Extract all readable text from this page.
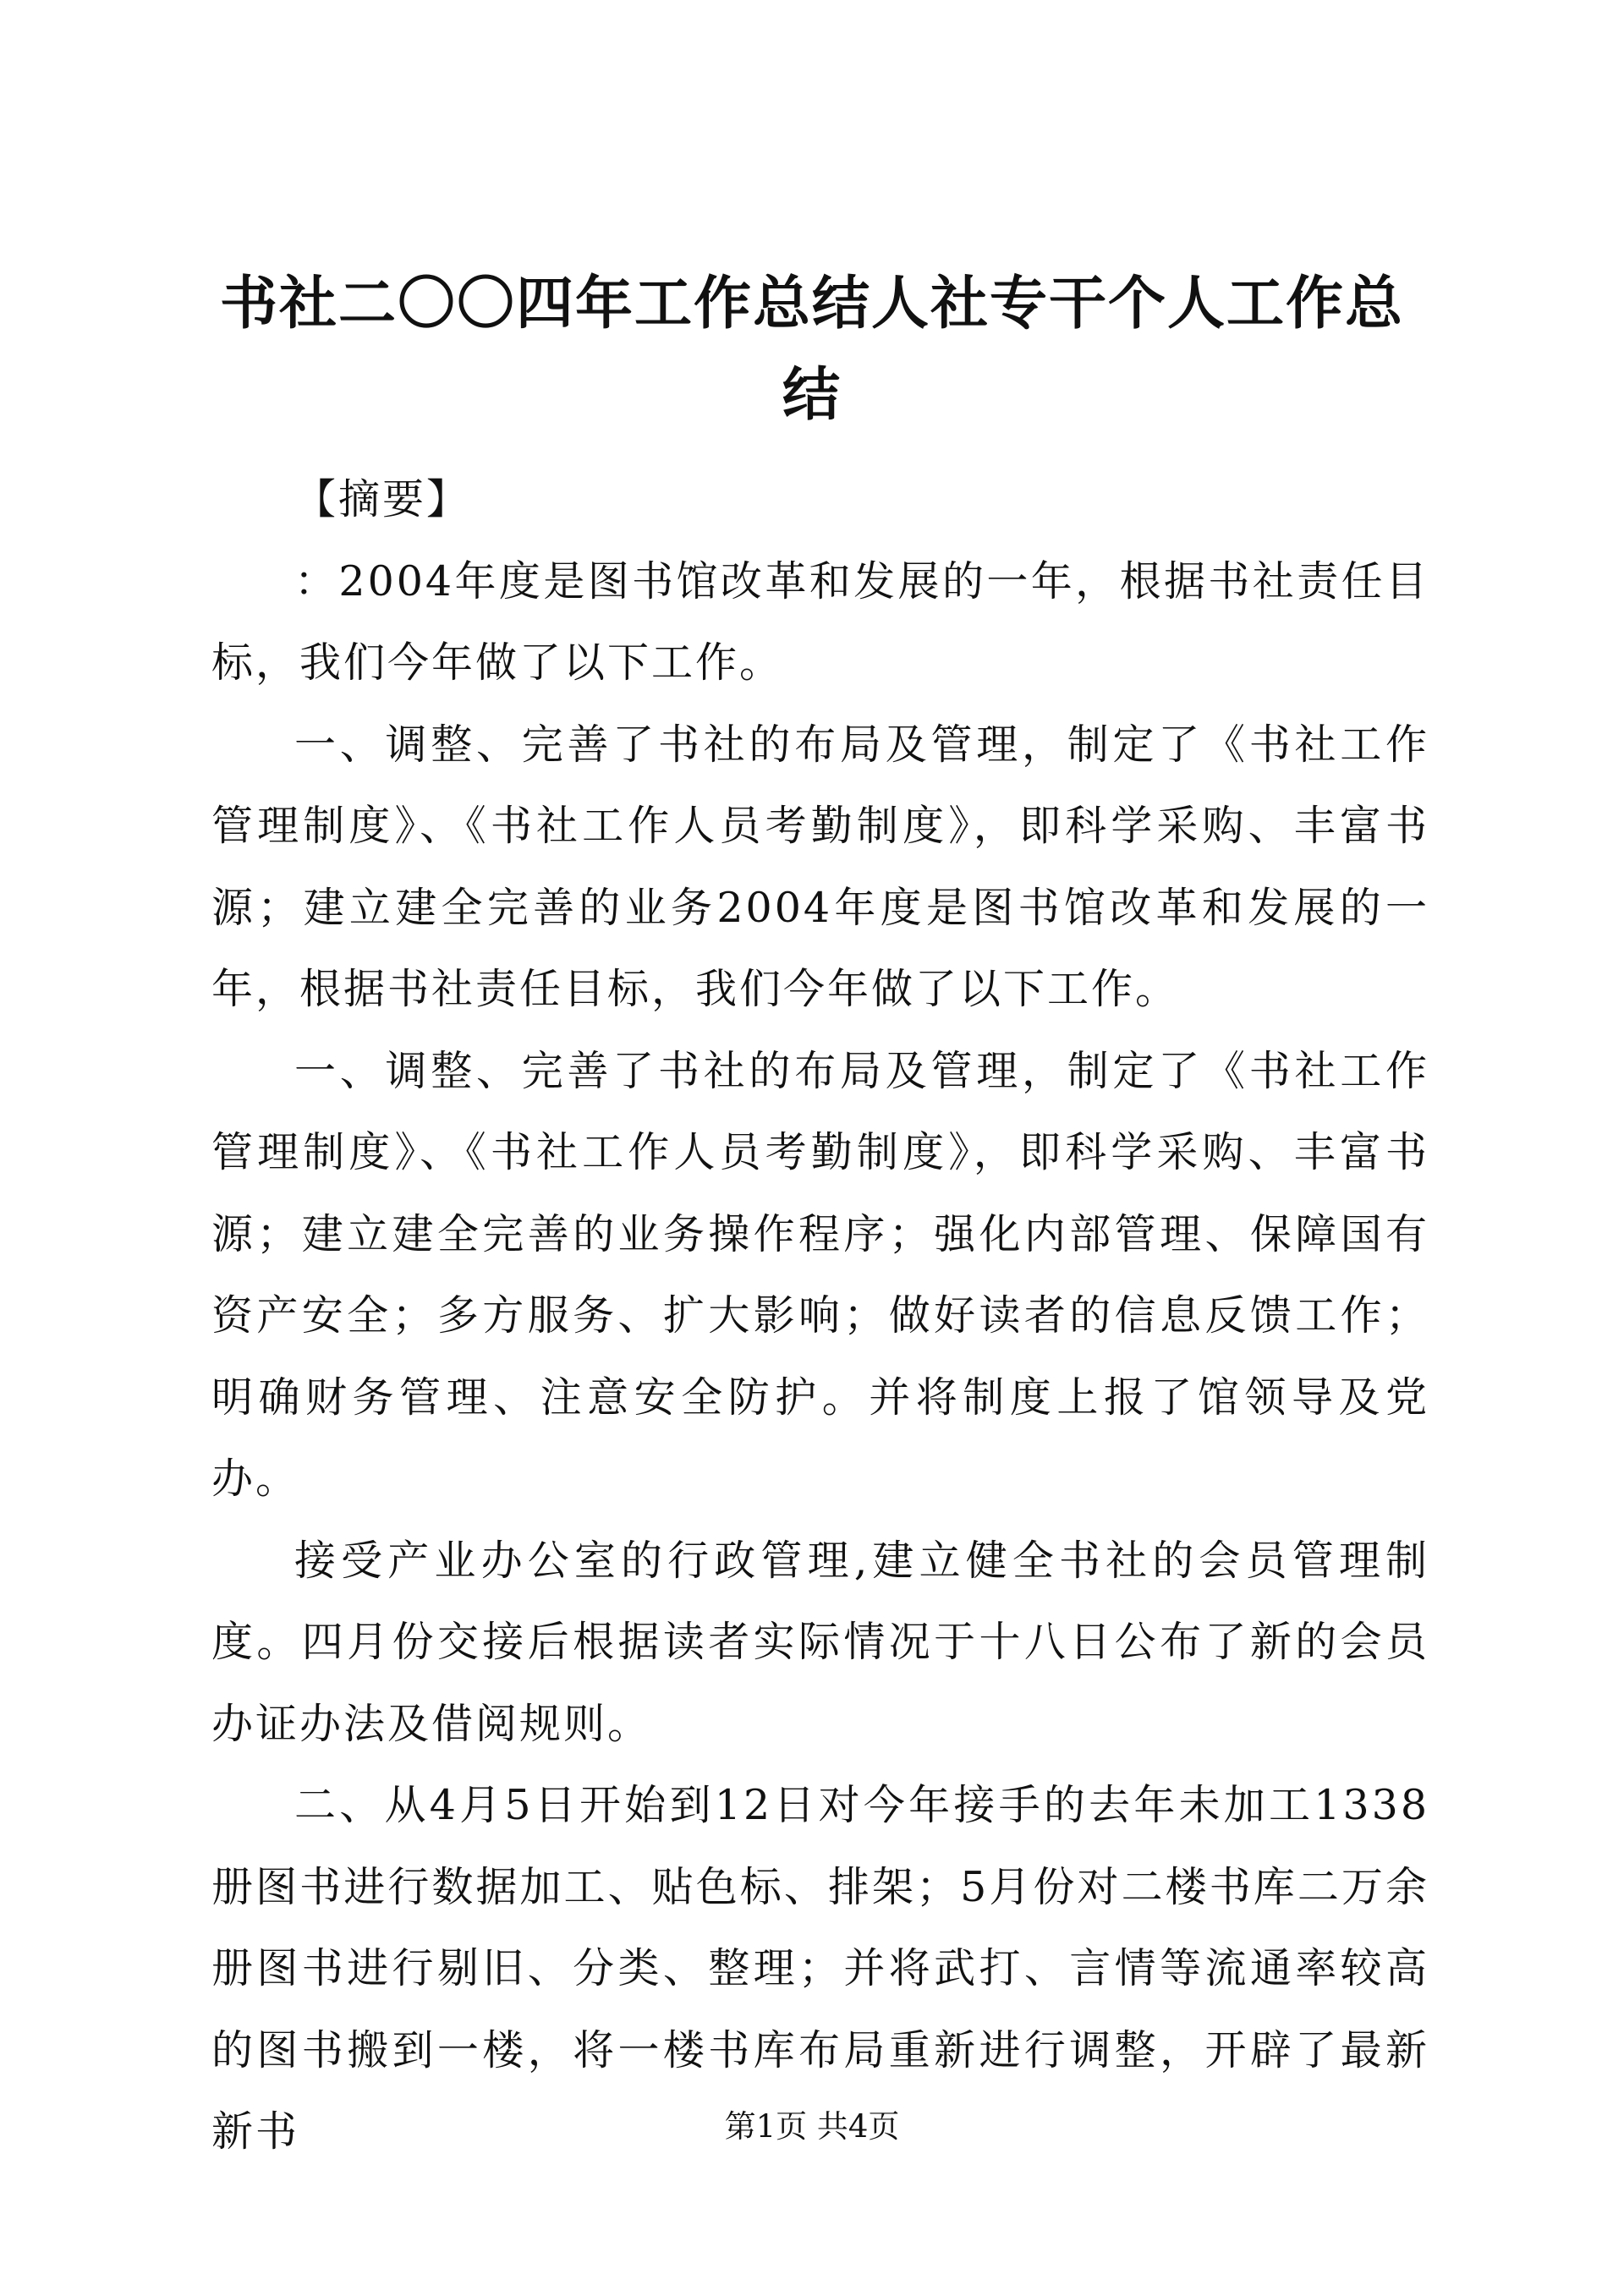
书社二〇〇四年工作总结人社专干个人工作总结

【摘要】

：2004年度是图书馆改革和发展的一年，根据书社责任目标，我们今年做了以下工作。

一、调整、完善了书社的布局及管理，制定了《书社工作管理制度》、《书社工作人员考勤制度》，即科学采购、丰富书源；建立建全完善的业务2004年度是图书馆改革和发展的一年，根据书社责任目标，我们今年做了以下工作。

一、调整、完善了书社的布局及管理，制定了《书社工作管理制度》、《书社工作人员考勤制度》，即科学采购、丰富书源；建立建全完善的业务操作程序；强化内部管理、保障国有资产安全；多方服务、扩大影响；做好读者的信息反馈工作；明确财务管理、注意安全防护。并将制度上报了馆领导及党办。

接受产业办公室的行政管理,建立健全书社的会员管理制度。四月份交接后根据读者实际情况于十八日公布了新的会员办证办法及借阅规则。

二、从4月5日开始到12日对今年接手的去年未加工1338册图书进行数据加工、贴色标、排架；5月份对二楼书库二万余册图书进行剔旧、分类、整理；并将武打、言情等流通率较高的图书搬到一楼，将一楼书库布局重新进行调整，开辟了最新新书	第1页 共4页
